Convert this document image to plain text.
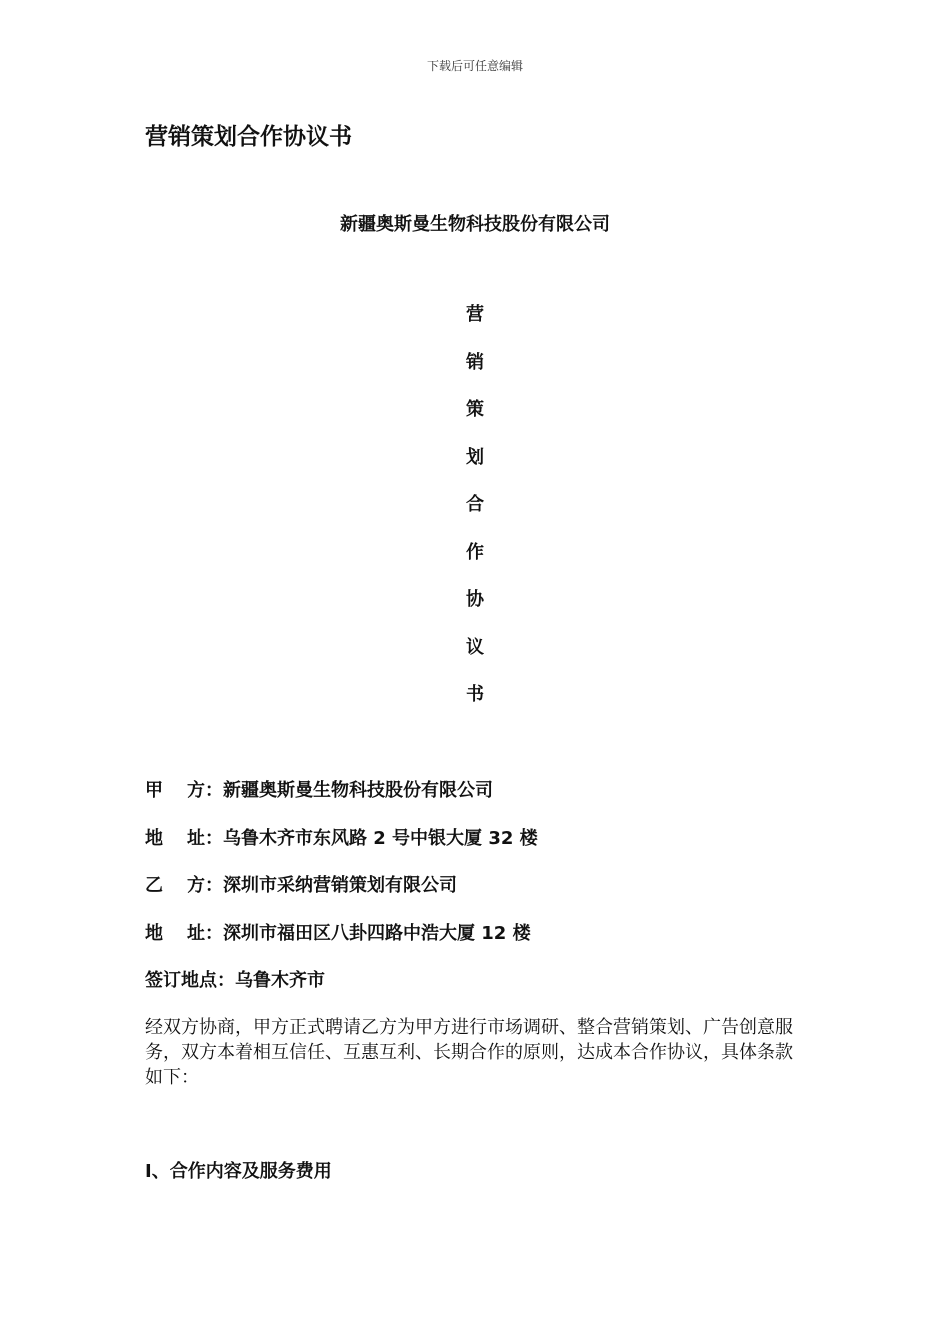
下载后可任意编辑
营销策划合作协议书
新疆奥斯曼生物科技股份有限公司
营
销
策
划
合
作
协
议
书
甲 方：新疆奥斯曼生物科技股份有限公司
地 址：乌鲁木齐市东风路 2 号中银大厦 32 楼
乙 方：深圳市采纳营销策划有限公司
地 址：深圳市福田区八卦四路中浩大厦 12 楼
签订地点：乌鲁木齐市
经双方协商，甲方正式聘请乙方为甲方进行市场调研、整合营销策划、广告创意服务，双方本着相互信任、互惠互利、长期合作的原则，达成本合作协议，具体条款如下：
I、合作内容及服务费用
